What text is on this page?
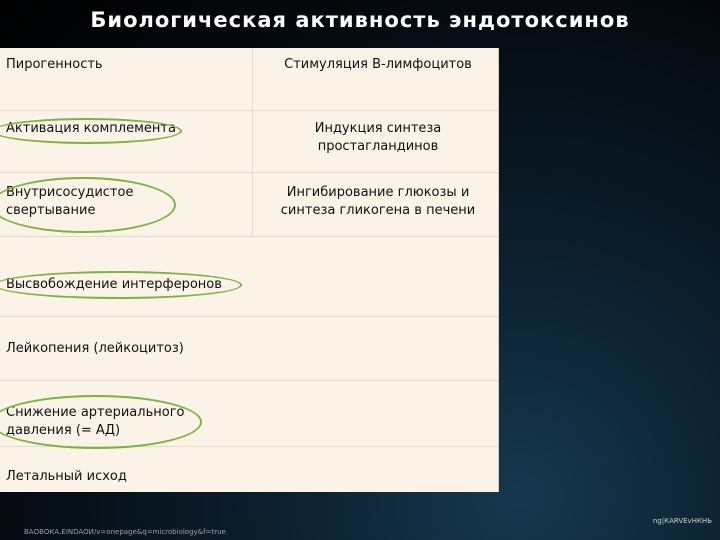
Биологическая активность эндотоксинов
Пирогенность	Стимуляция В-лимфоцитов
Активация комплемента	Индукция синтеза простагландинов
Внутрисосудистое свертывание
Ингибирование глюкозы и синтеза гликогена в печени
Высвобождение интерферонов
Лейкопения (лейкоцитоз)
Снижение артериального давления (= АД)
Летальный исход
ВАОВОКА.ЕINDAОИ/v=onepage&q=microbiology&f=true
ng|КАRVЕvНКНЬ
